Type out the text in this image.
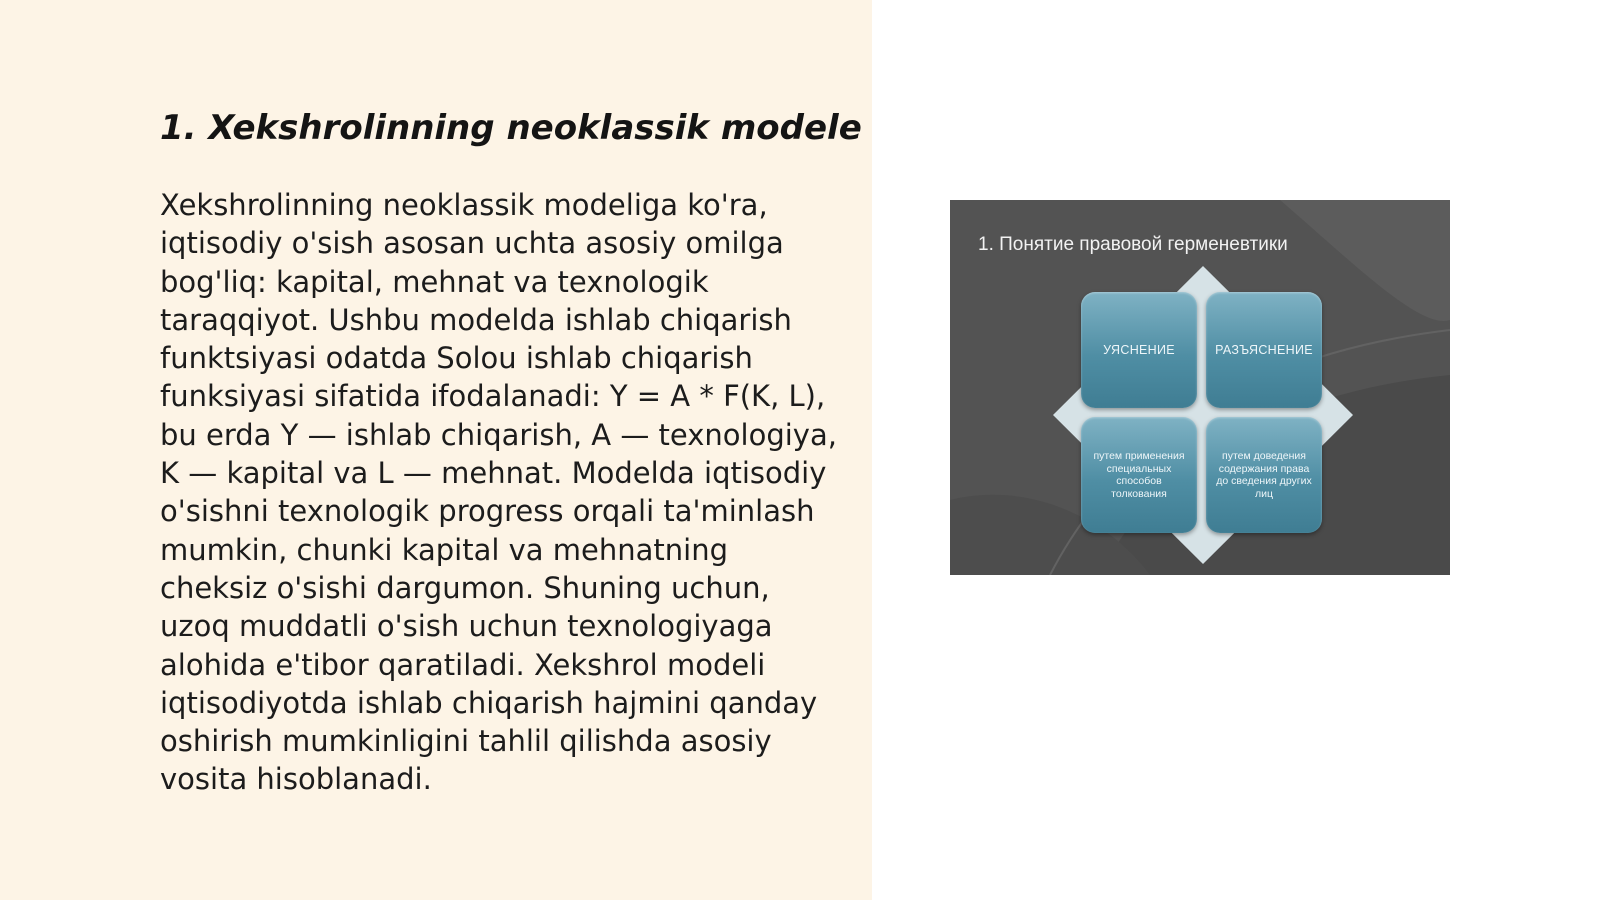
1. Xekshrolinning neoklassik modele

Xekshrolinning neoklassik modeliga ko'ra, iqtisodiy o'sish asosan uchta asosiy omilga bog'liq: kapital, mehnat va texnologik taraqqiyot. Ushbu modelda ishlab chiqarish funktsiyasi odatda Solou ishlab chiqarish funksiyasi sifatida ifodalanadi: Y = A * F(K, L), bu erda Y — ishlab chiqarish, A — texnologiya, K — kapital va L — mehnat. Modelda iqtisodiy o'sishni texnologik progress orqali ta'minlash mumkin, chunki kapital va mehnatning cheksiz o'sishi dargumon. Shuning uchun, uzoq muddatli o'sish uchun texnologiyaga alohida e'tibor qaratiladi. Xekshrol modeli iqtisodiyotda ishlab chiqarish hajmini qanday oshirish mumkinligini tahlil qilishda asosiy vosita hisoblanadi.

1. Понятие правовой герменевтики
УЯСНЕНИЕ	РАЗЪЯСНЕНИЕ
путем применения специальных способов толкования
путем доведения содержания права до сведения других лиц
